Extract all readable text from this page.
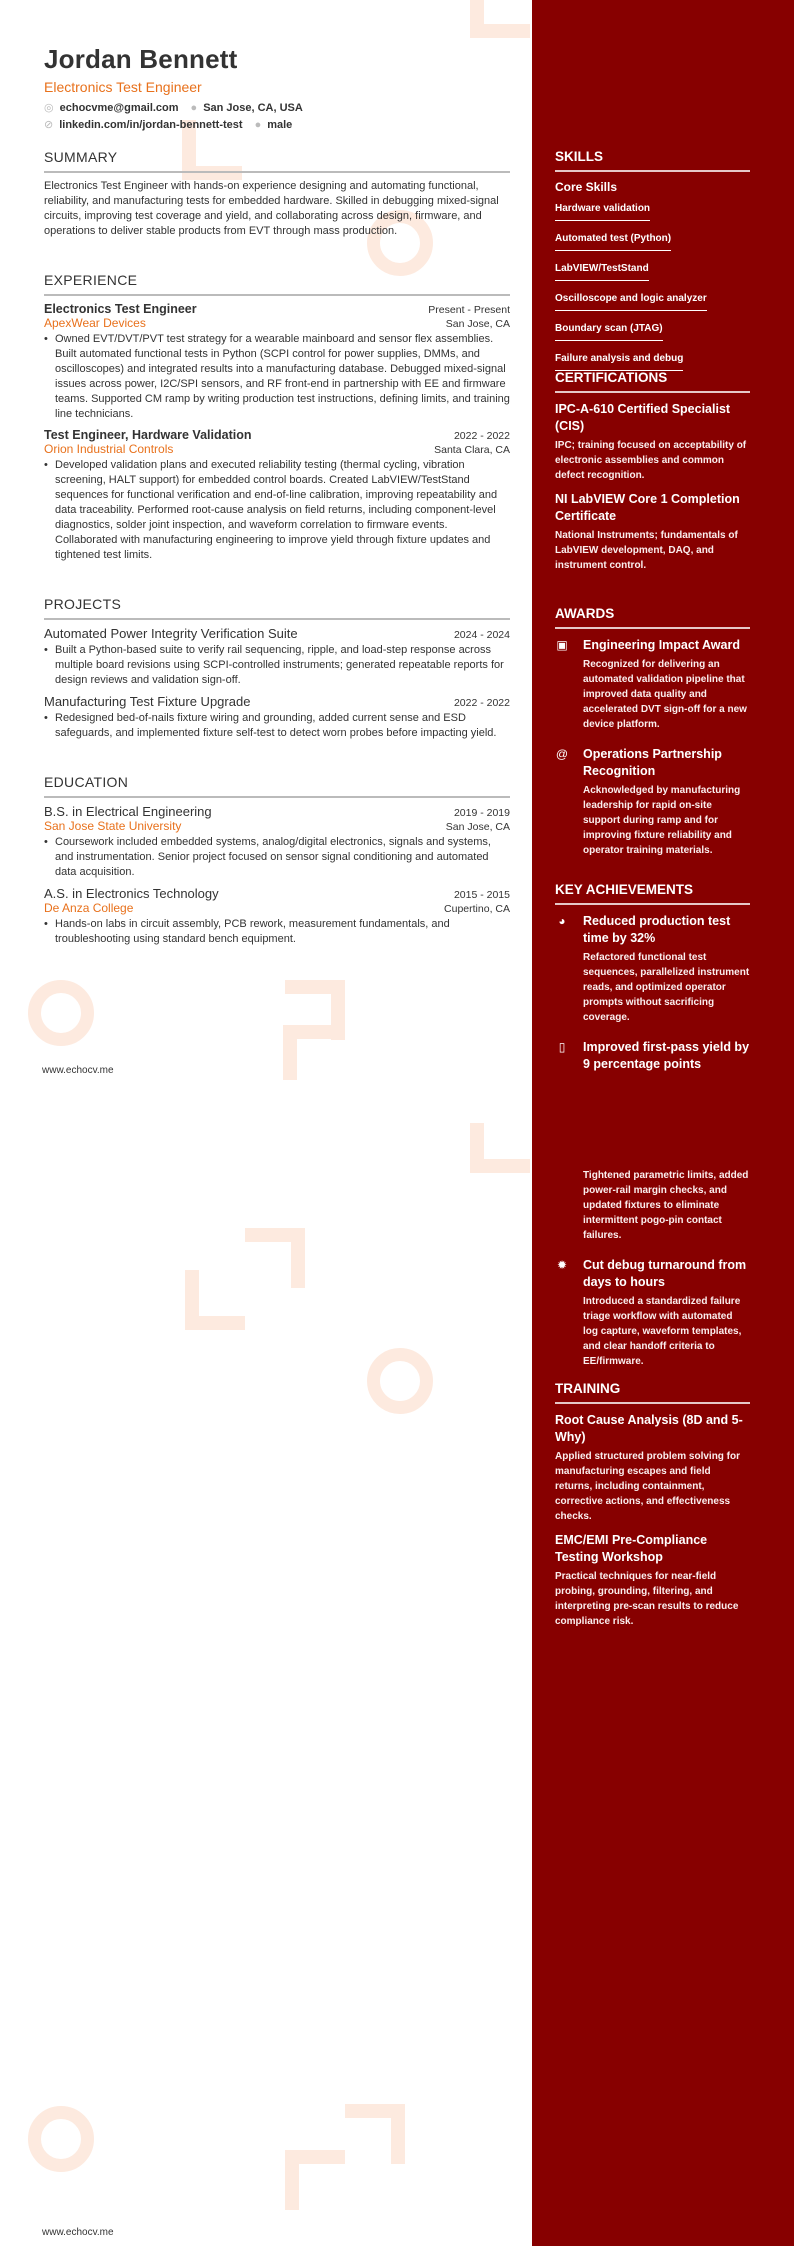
Jordan Bennett
Electronics Test Engineer
◎ echocvme@gmail.com ● San Jose, CA, USA
⊘ linkedin.com/in/jordan-bennett-test ● male
SUMMARY
Electronics Test Engineer with hands-on experience designing and automating functional, reliability, and manufacturing tests for embedded hardware. Skilled in debugging mixed-signal circuits, improving test coverage and yield, and collaborating across design, firmware, and operations to deliver stable products from EVT through mass production.
EXPERIENCE
Electronics Test Engineer	Present - Present
ApexWear Devices	San Jose, CA
• Owned EVT/DVT/PVT test strategy for a wearable mainboard and sensor flex assemblies. Built automated functional tests in Python (SCPI control for power supplies, DMMs, and oscilloscopes) and integrated results into a manufacturing database. Debugged mixed-signal issues across power, I2C/SPI sensors, and RF front-end in partnership with EE and firmware teams. Supported CM ramp by writing production test instructions, defining limits, and training line technicians.
Test Engineer, Hardware Validation	2022 - 2022
Orion Industrial Controls	Santa Clara, CA
• Developed validation plans and executed reliability testing (thermal cycling, vibration screening, HALT support) for embedded control boards. Created LabVIEW/TestStand sequences for functional verification and end-of-line calibration, improving repeatability and data traceability. Performed root-cause analysis on field returns, including component-level diagnostics, solder joint inspection, and waveform correlation to firmware events. Collaborated with manufacturing engineering to improve yield through fixture updates and tightened test limits.
PROJECTS
Automated Power Integrity Verification Suite	2024 - 2024
• Built a Python-based suite to verify rail sequencing, ripple, and load-step response across multiple board revisions using SCPI-controlled instruments; generated repeatable reports for design reviews and validation sign-off.
Manufacturing Test Fixture Upgrade	2022 - 2022
• Redesigned bed-of-nails fixture wiring and grounding, added current sense and ESD safeguards, and implemented fixture self-test to detect worn probes before impacting yield.
EDUCATION
B.S. in Electrical Engineering	2019 - 2019
San Jose State University	San Jose, CA
• Coursework included embedded systems, analog/digital electronics, signals and systems, and instrumentation. Senior project focused on sensor signal conditioning and automated data acquisition.
A.S. in Electronics Technology	2015 - 2015
De Anza College	Cupertino, CA
• Hands-on labs in circuit assembly, PCB rework, measurement fundamentals, and troubleshooting using standard bench equipment.
www.echocv.me
www.echocv.me
SKILLS
Core Skills
Hardware validation
Automated test (Python)
LabVIEW/TestStand
Oscilloscope and logic analyzer
Boundary scan (JTAG)
Failure analysis and debug
CERTIFICATIONS
IPC-A-610 Certified Specialist (CIS)
IPC; training focused on acceptability of electronic assemblies and common defect recognition.
NI LabVIEW Core 1 Completion Certificate
National Instruments; fundamentals of LabVIEW development, DAQ, and instrument control.
AWARDS
▣ Engineering Impact Award
Recognized for delivering an automated validation pipeline that improved data quality and accelerated DVT sign-off for a new device platform.
@ Operations Partnership Recognition
Acknowledged by manufacturing leadership for rapid on-site support during ramp and for improving fixture reliability and operator training materials.
KEY ACHIEVEMENTS
◕ Reduced production test time by 32%
Refactored functional test sequences, parallelized instrument reads, and optimized operator prompts without sacrificing coverage.
▯ Improved first-pass yield by 9 percentage points
Tightened parametric limits, added power-rail margin checks, and updated fixtures to eliminate intermittent pogo-pin contact failures.
✹ Cut debug turnaround from days to hours
Introduced a standardized failure triage workflow with automated log capture, waveform templates, and clear handoff criteria to EE/firmware.
TRAINING
Root Cause Analysis (8D and 5-Why)
Applied structured problem solving for manufacturing escapes and field returns, including containment, corrective actions, and effectiveness checks.
EMC/EMI Pre-Compliance Testing Workshop
Practical techniques for near-field probing, grounding, filtering, and interpreting pre-scan results to reduce compliance risk.
